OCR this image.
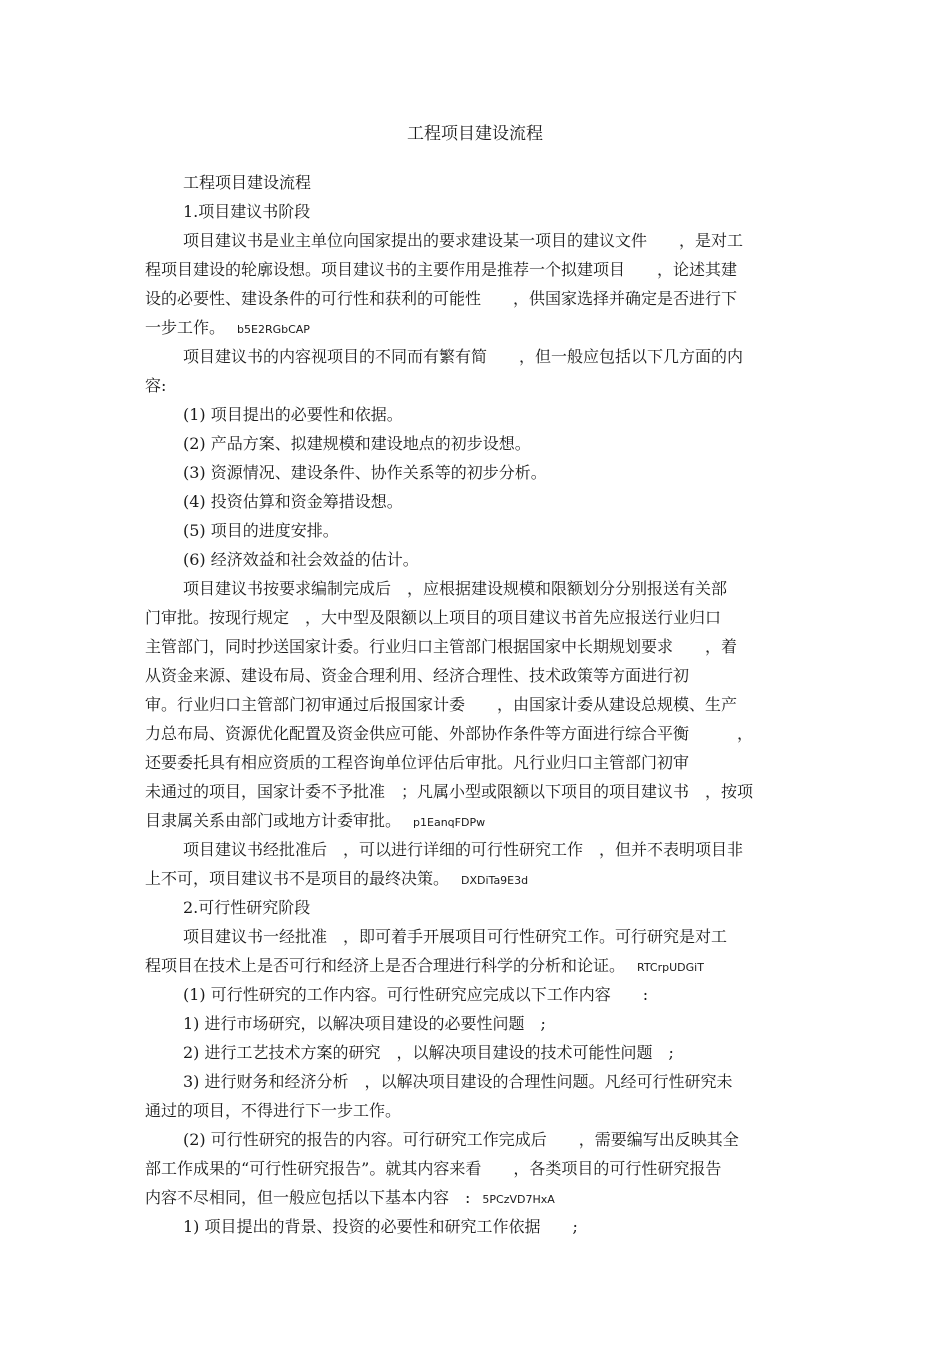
工程项目建设流程
工程项目建设流程
1.项目建议书阶段
项目建议书是业主单位向国家提出的要求建设某一项目的建议文件　　，是对工
程项目建设的轮廓设想。项目建议书的主要作用是推荐一个拟建项目　　，论述其建
设的必要性、建设条件的可行性和获利的可能性　　，供国家选择并确定是否进行下
一步工作。 b5E2RGbCAP
项目建议书的内容视项目的不同而有繁有简　　，但一般应包括以下几方面的内
容:
(1) 项目提出的必要性和依据。
(2) 产品方案、拟建规模和建设地点的初步设想。
(3) 资源情况、建设条件、协作关系等的初步分析。
(4) 投资估算和资金筹措设想。
(5) 项目的进度安排。
(6) 经济效益和社会效益的估计。
项目建议书按要求编制完成后　，应根据建设规模和限额划分分别报送有关部
门审批。按现行规定　，大中型及限额以上项目的项目建议书首先应报送行业归口
主管部门，同时抄送国家计委。行业归口主管部门根据国家中长期规划要求　　，着
从资金来源、建设布局、资金合理利用、经济合理性、技术政策等方面进行初
审。行业归口主管部门初审通过后报国家计委　　，由国家计委从建设总规模、生产
力总布局、资源优化配置及资金供应可能、外部协作条件等方面进行综合平衡　　　，
还要委托具有相应资质的工程咨询单位评估后审批。凡行业归口主管部门初审
未通过的项目，国家计委不予批准　；凡属小型或限额以下项目的项目建议书　，按项
目隶属关系由部门或地方计委审批。 p1EanqFDPw
项目建议书经批准后　，可以进行详细的可行性研究工作　，但并不表明项目非
上不可，项目建议书不是项目的最终决策。 DXDiTa9E3d
2.可行性研究阶段
项目建议书一经批准　，即可着手开展项目可行性研究工作。可行研究是对工
程项目在技术上是否可行和经济上是否合理进行科学的分析和论证。 RTCrpUDGiT
(1) 可行性研究的工作内容。可行性研究应完成以下工作内容　　:
1) 进行市场研究，以解决项目建设的必要性问题　;
2) 进行工艺技术方案的研究　，以解决项目建设的技术可能性问题　;
3) 进行财务和经济分析　，以解决项目建设的合理性问题。凡经可行性研究未
通过的项目，不得进行下一步工作。
(2) 可行性研究的报告的内容。可行研究工作完成后　　，需要编写出反映其全
部工作成果的“可行性研究报告”。就其内容来看　　，各类项目的可行性研究报告
内容不尽相同，但一般应包括以下基本内容　: 5PCzVD7HxA
1) 项目提出的背景、投资的必要性和研究工作依据　　;
